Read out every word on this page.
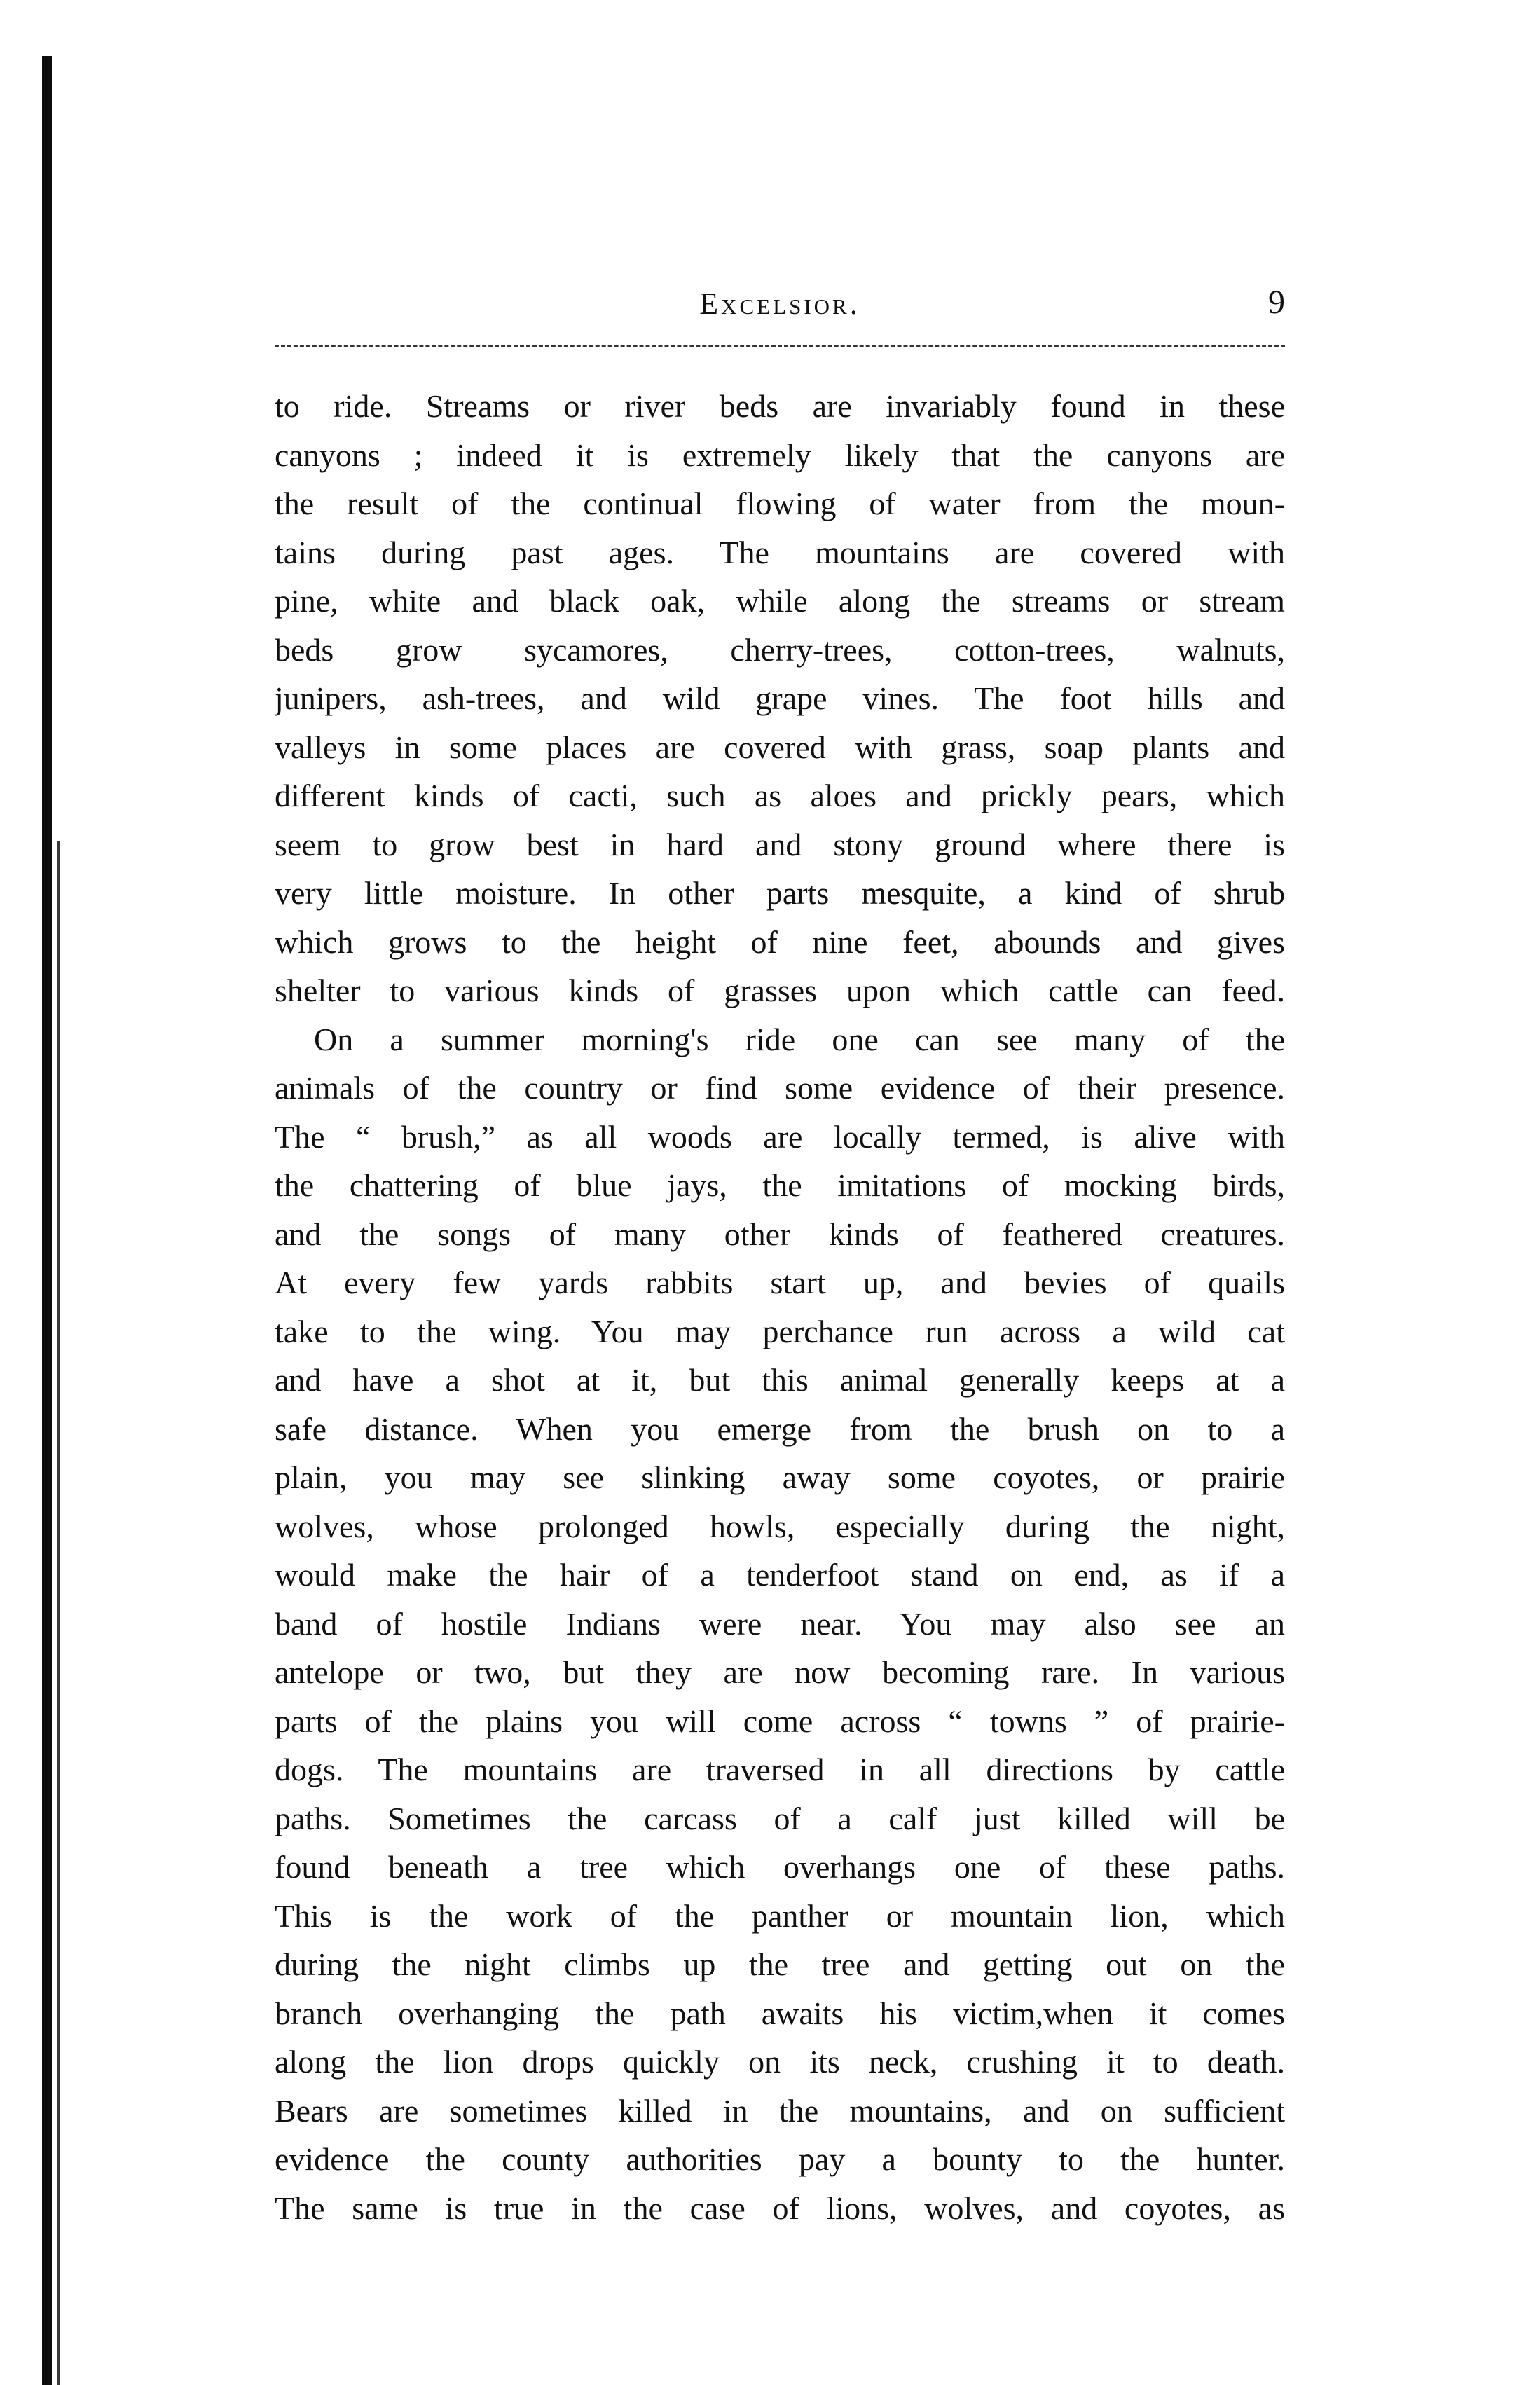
Excelsior.	9
to ride. Streams or river beds are invariably found in these
canyons ; indeed it is extremely likely that the canyons are
the result of the continual flowing of water from the moun-
tains during past ages. The mountains are covered with
pine, white and black oak, while along the streams or stream
beds grow sycamores, cherry-trees, cotton-trees, walnuts,
junipers, ash-trees, and wild grape vines. The foot hills and
valleys in some places are covered with grass, soap plants and
different kinds of cacti, such as aloes and prickly pears, which
seem to grow best in hard and stony ground where there is
very little moisture. In other parts mesquite, a kind of shrub
which grows to the height of nine feet, abounds and gives
shelter to various kinds of grasses upon which cattle can feed.
On a summer morning's ride one can see many of the
animals of the country or find some evidence of their presence.
The “ brush,” as all woods are locally termed, is alive with
the chattering of blue jays, the imitations of mocking birds,
and the songs of many other kinds of feathered creatures.
At every few yards rabbits start up, and bevies of quails
take to the wing. You may perchance run across a wild cat
and have a shot at it, but this animal generally keeps at a
safe distance. When you emerge from the brush on to a
plain, you may see slinking away some coyotes, or prairie
wolves, whose prolonged howls, especially during the night,
would make the hair of a tenderfoot stand on end, as if a
band of hostile Indians were near. You may also see an
antelope or two, but they are now becoming rare. In various
parts of the plains you will come across “ towns ” of prairie-
dogs. The mountains are traversed in all directions by cattle
paths. Sometimes the carcass of a calf just killed will be
found beneath a tree which overhangs one of these paths.
This is the work of the panther or mountain lion, which
during the night climbs up the tree and getting out on the
branch overhanging the path awaits his victim,when it comes
along the lion drops quickly on its neck, crushing it to death.
Bears are sometimes killed in the mountains, and on sufficient
evidence the county authorities pay a bounty to the hunter.
The same is true in the case of lions, wolves, and coyotes, as
